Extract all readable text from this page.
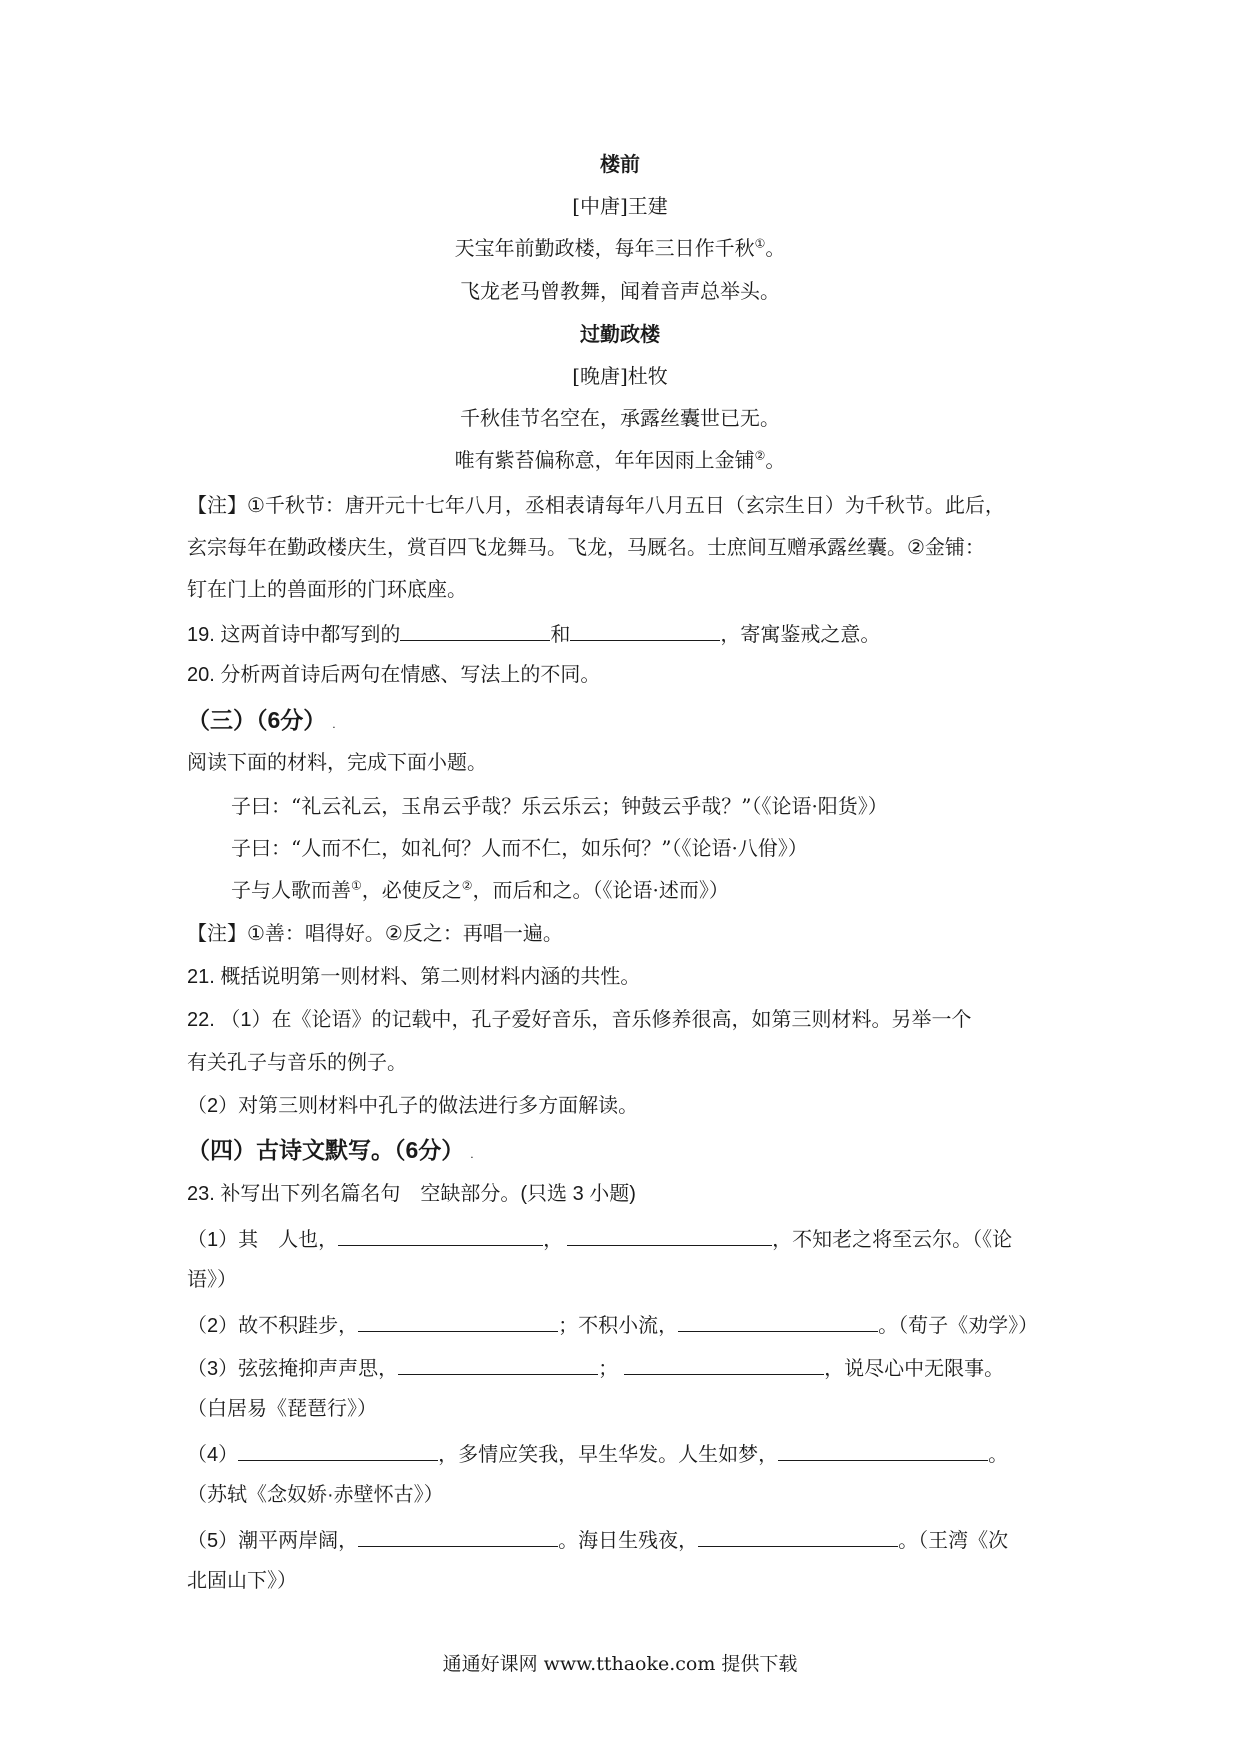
楼前
[中唐]王建
天宝年前勤政楼，每年三日作千秋①。
飞龙老马曾教舞，闻着音声总举头。
过勤政楼
[晚唐]杜牧
千秋佳节名空在，承露丝囊世已无。
唯有紫苔偏称意，年年因雨上金铺②。
【注】①千秋节：唐开元十七年八月，丞相表请每年八月五日（玄宗生日）为千秋节。此后，
玄宗每年在勤政楼庆生，赏百四飞龙舞马。飞龙，马厩名。士庶间互赠承露丝囊。②金铺：
钉在门上的兽面形的门环底座。
19. 这两首诗中都写到的	和	，寄寓鉴戒之意。
20. 分析两首诗后两句在情感、写法上的不同。
（三）（6分） .
阅读下面的材料，完成下面小题。
子曰：“礼云礼云，玉帛云乎哉？乐云乐云；钟鼓云乎哉？”（《论语·阳货》）
子曰：“人而不仁，如礼何？人而不仁，如乐何？”（《论语·八佾》）
子与人歌而善①，必使反之②，而后和之。（《论语·述而》）
【注】①善：唱得好。②反之：再唱一遍。
21. 概括说明第一则材料、第二则材料内涵的共性。
22. （1）在《论语》的记载中，孔子爱好音乐，音乐修养很高，如第三则材料。另举一个
有关孔子与音乐的例子。
（2）对第三则材料中孔子的做法进行多方面解读。
（四）古诗文默写。（6分） .
23. 补写出下列名篇名句　空缺部分。(只选 3 小题)
（1）其　人也，	，	，不知老之将至云尔。（《论
语》）
（2）故不积跬步，	；不积小流，	。（荀子《劝学》）
（3）弦弦掩抑声声思，	；	，说尽心中无限事。
（白居易《琵琶行》）
（4）	，多情应笑我，早生华发。人生如梦，	。
（苏轼《念奴娇·赤壁怀古》）
（5）潮平两岸阔，	。海日生残夜，	。（王湾《次
北固山下》）
通通好课网 www.tthaoke.com 提供下载
